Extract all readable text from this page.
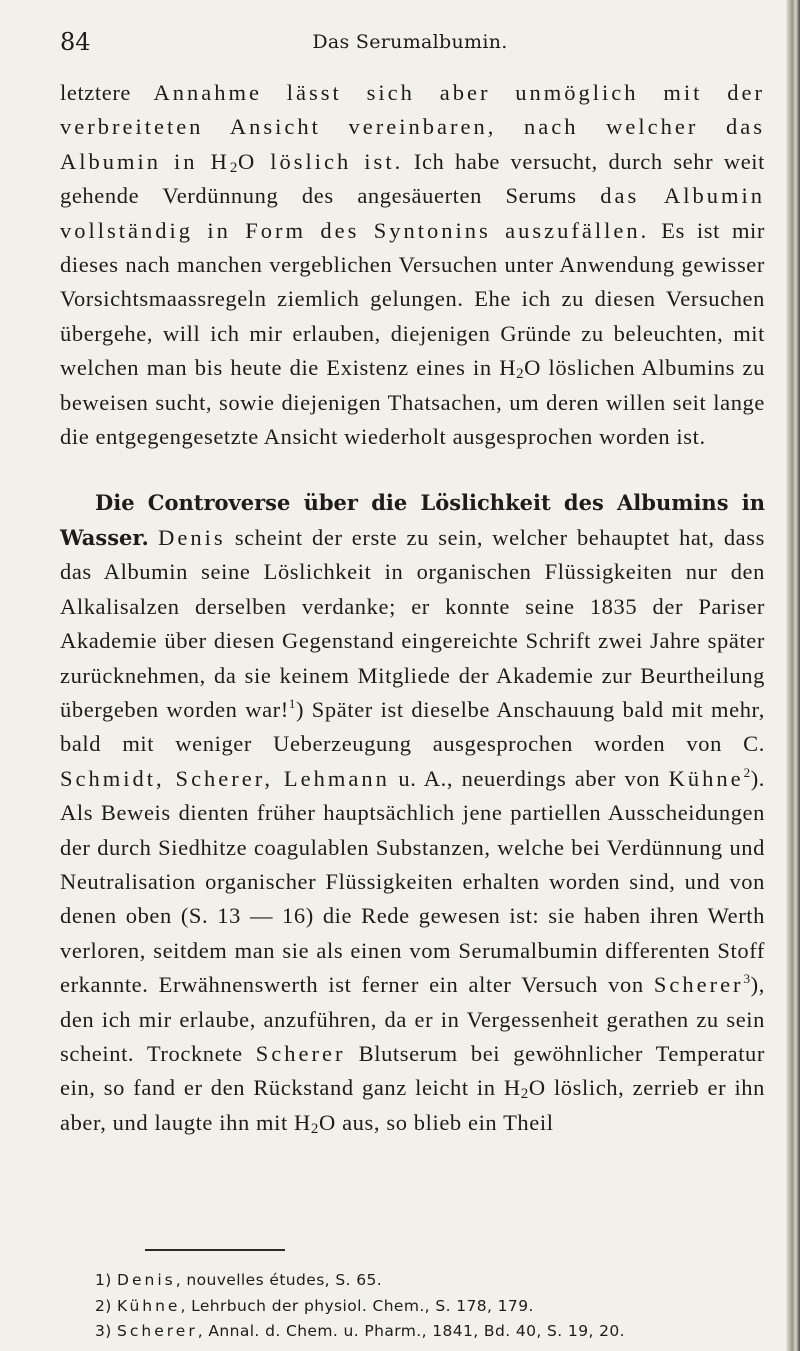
84	Das Serumalbumin.

letztere Annahme lässt sich aber unmöglich mit der verbreiteten Ansicht vereinbaren, nach welcher das Albumin in $H_2O$ löslich ist. Ich habe versucht, durch sehr weit gehende Verdünnung des angesäuerten Serums das Albumin vollständig in Form des Syntonins auszufällen. Es ist mir dieses nach manchen vergeblichen Versuchen unter Anwendung gewisser Vorsichtsmaassregeln ziemlich gelungen. Ehe ich zu diesen Versuchen übergehe, will ich mir erlauben, diejenigen Gründe zu beleuchten, mit welchen man bis heute die Existenz eines in $H_2O$ löslichen Albumins zu beweisen sucht, sowie diejenigen Thatsachen, um deren willen seit lange die entgegengesetzte Ansicht wiederholt ausgesprochen worden ist.

Die Controverse über die Löslichkeit des Albumins in Wasser. Denis scheint der erste zu sein, welcher behauptet hat, dass das Albumin seine Löslichkeit in organischen Flüssigkeiten nur den Alkalisalzen derselben verdanke; er konnte seine 1835 der Pariser Akademie über diesen Gegenstand eingereichte Schrift zwei Jahre später zurücknehmen, da sie keinem Mitgliede der Akademie zur Beurtheilung übergeben worden war!$^1$) Später ist dieselbe Anschauung bald mit mehr, bald mit weniger Ueberzeugung ausgesprochen worden von C. Schmidt, Scherer, Lehmann u. A., neuerdings aber von Kühne$^2$). Als Beweis dienten früher hauptsächlich jene partiellen Ausscheidungen der durch Siedhitze coagulablen Substanzen, welche bei Verdünnung und Neutralisation organischer Flüssigkeiten erhalten worden sind, und von denen oben (S. 13 — 16) die Rede gewesen ist: sie haben ihren Werth verloren, seitdem man sie als einen vom Serumalbumin differenten Stoff erkannte. Erwähnenswerth ist ferner ein alter Versuch von Scherer$^3$), den ich mir erlaube, anzuführen, da er in Vergessenheit gerathen zu sein scheint. Trocknete Scherer Blutserum bei gewöhnlicher Temperatur ein, so fand er den Rückstand ganz leicht in $H_2O$ löslich, zerrieb er ihn aber, und laugte ihn mit $H_2O$ aus, so blieb ein Theil

1) Denis, nouvelles études, S. 65.
2) Kühne, Lehrbuch der physiol. Chem., S. 178, 179.
3) Scherer, Annal. d. Chem. u. Pharm., 1841, Bd. 40, S. 19, 20.
